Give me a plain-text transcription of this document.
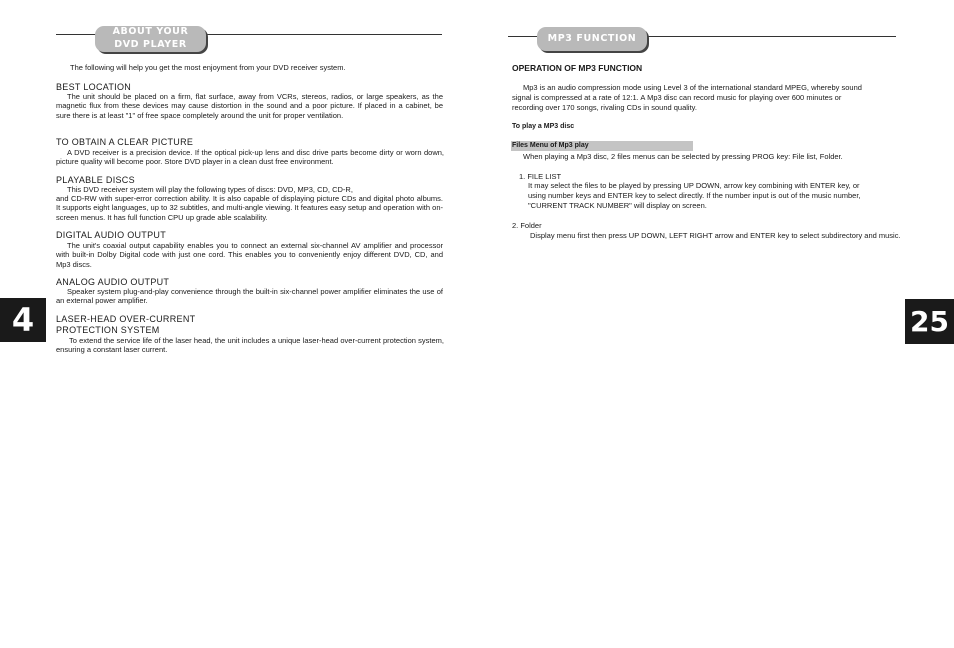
ABOUT YOUR
DVD PLAYER

The following will help you get the most enjoyment from your DVD receiver system.

BEST LOCATION

The unit should be placed on a firm, flat surface, away from VCRs, stereos, radios, or large speakers, as the magnetic flux from these devices may cause distortion in the sound and a poor picture. If placed in a cabinet, be sure there is at least "1" of free space completely around the unit for proper ventilation.

TO OBTAIN A CLEAR PICTURE

A DVD receiver is a precision device. If the optical pick-up lens and disc drive parts become dirty or worn down, picture quality will become poor. Store DVD player in a clean dust free environment.

PLAYABLE DISCS

This DVD receiver system will play the following types of discs: DVD, MP3, CD, CD-R,

and CD-RW with super-error correction ability. It is also capable of displaying picture CDs and digital photo albums. It supports eight languages, up to 32 subtitles, and multi-angle viewing. It features easy setup and operation with on-screen menus. It has full function CPU up grade able scalability.

DIGITAL AUDIO OUTPUT

The unit's coaxial output capability enables you to connect an external six-channel AV amplifier and processor with built-in Dolby Digital code with just one cord. This enables you to conveniently enjoy different DVD, CD, and Mp3 discs.

ANALOG AUDIO OUTPUT

Speaker system plug-and-play convenience through the built-in six-channel power amplifier eliminates the use of an external power amplifier.

LASER-HEAD OVER-CURRENT

PROTECTION SYSTEM

To extend the service life of the laser head, the unit includes a unique laser-head over-current protection system, ensuring a constant laser current.

4
MP3 FUNCTION

OPERATION OF MP3 FUNCTION

Mp3 is an audio compression mode using Level 3 of the international standard MPEG, whereby sound

signal is compressed at a rate of 12:1. A Mp3 disc can record music for playing over 600 minutes or

recording over 170 songs, rivaling CDs in sound quality.

To play a MP3 disc

Files Menu of Mp3 play

When playing a Mp3 disc, 2 files menus can be selected by pressing PROG key: File list, Folder.

1. FILE LIST

It may select the files to be played by pressing UP DOWN, arrow key combining with ENTER key, or

using number keys and ENTER key to select directly. If the number input is out of the music number,

"CURRENT TRACK NUMBER" will display on screen.

2. Folder

Display menu first then press UP DOWN, LEFT RIGHT arrow and ENTER key to select subdirectory and music.

25
